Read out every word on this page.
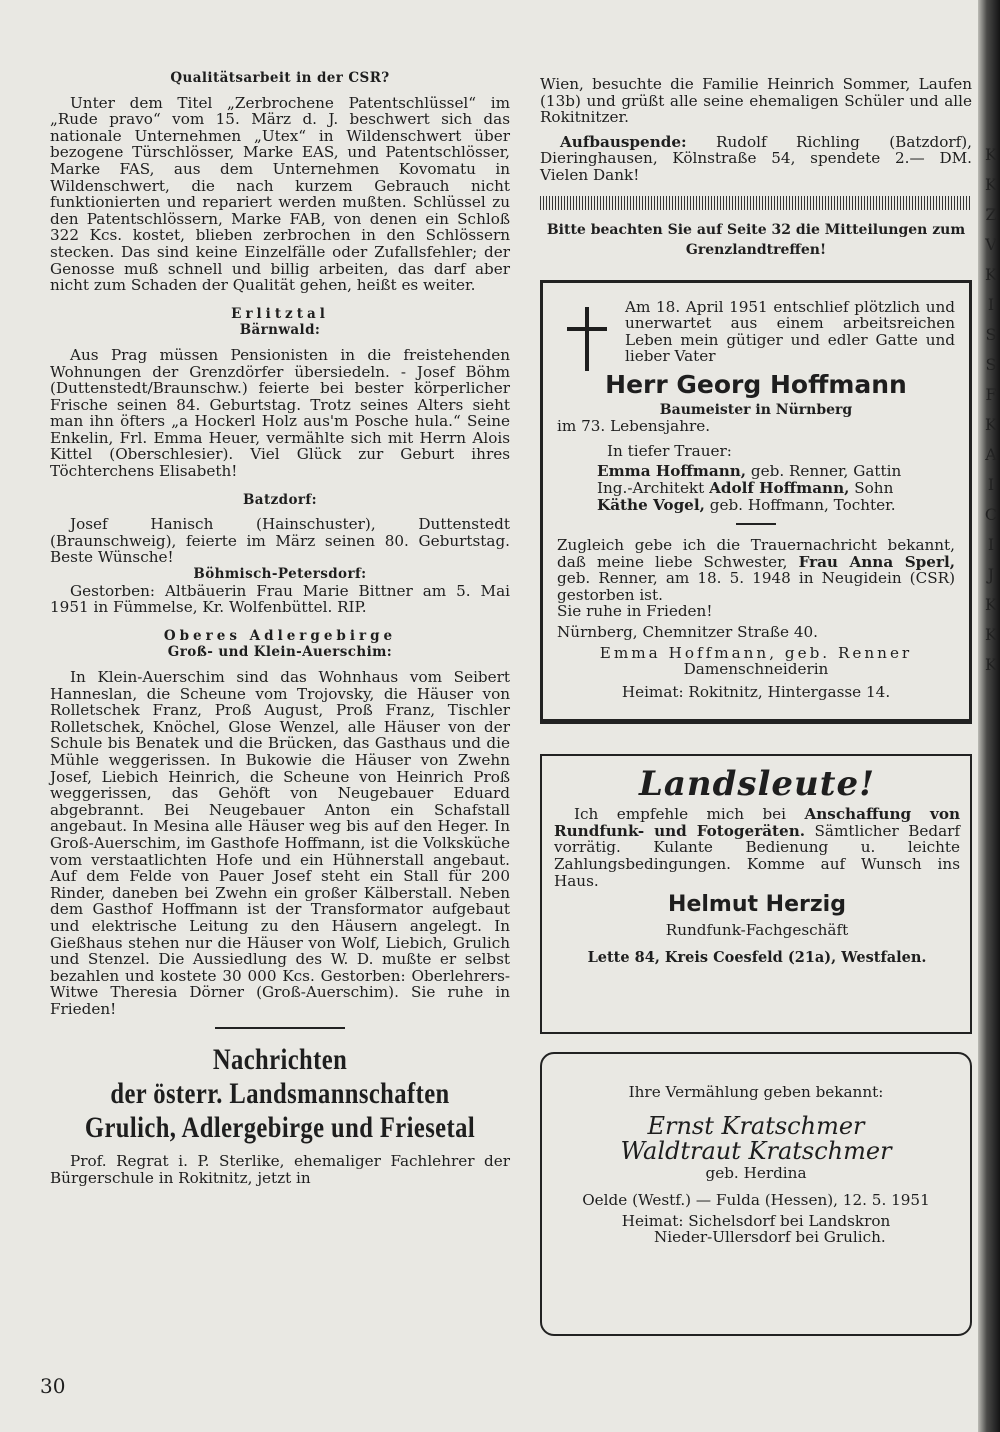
Qualitätsarbeit in der CSR?

Unter dem Titel „Zerbrochene Patentschlüssel“ im „Rude pravo“ vom 15. März d. J. beschwert sich das nationale Unternehmen „Utex“ in Wildenschwert über bezogene Türschlösser, Marke EAS, und Patentschlösser, Marke FAS, aus dem Unternehmen Kovomatu in Wildenschwert, die nach kurzem Gebrauch nicht funktionierten und repariert werden mußten. Schlüssel zu den Patentschlössern, Marke FAB, von denen ein Schloß 322 Kcs. kostet, blieben zerbrochen in den Schlössern stecken. Das sind keine Einzelfälle oder Zufallsfehler; der Genosse muß schnell und billig arbeiten, das darf aber nicht zum Schaden der Qualität gehen, heißt es weiter.

Erlitztal

Bärnwald:

Aus Prag müssen Pensionisten in die freistehenden Wohnungen der Grenzdörfer übersiedeln. - Josef Böhm (Duttenstedt/Braunschw.) feierte bei bester körperlicher Frische seinen 84. Geburtstag. Trotz seines Alters sieht man ihn öfters „a Hockerl Holz aus'm Posche hula.“ Seine Enkelin, Frl. Emma Heuer, vermählte sich mit Herrn Alois Kittel (Oberschlesier). Viel Glück zur Geburt ihres Töchterchens Elisabeth!

Batzdorf:

Josef Hanisch (Hainschuster), Duttenstedt (Braunschweig), feierte im März seinen 80. Geburtstag. Beste Wünsche!

Böhmisch-Petersdorf:

Gestorben: Altbäuerin Frau Marie Bittner am 5. Mai 1951 in Fümmelse, Kr. Wolfenbüttel. RIP.

Oberes Adlergebirge

Groß- und Klein-Auerschim:

In Klein-Auerschim sind das Wohnhaus vom Seibert Hanneslan, die Scheune vom Trojovsky, die Häuser von Rolletschek Franz, Proß August, Proß Franz, Tischler Rolletschek, Knöchel, Glose Wenzel, alle Häuser von der Schule bis Benatek und die Brücken, das Gasthaus und die Mühle weggerissen. In Bukowie die Häuser von Zwehn Josef, Liebich Heinrich, die Scheune von Heinrich Proß weggerissen, das Gehöft von Neugebauer Eduard abgebrannt. Bei Neugebauer Anton ein Schafstall angebaut. In Mesina alle Häuser weg bis auf den Heger. In Groß-Auerschim, im Gasthofe Hoffmann, ist die Volksküche vom verstaatlichten Hofe und ein Hühnerstall angebaut. Auf dem Felde von Pauer Josef steht ein Stall für 200 Rinder, daneben bei Zwehn ein großer Kälberstall. Neben dem Gasthof Hoffmann ist der Transformator aufgebaut und elektrische Leitung zu den Häusern angelegt. In Gießhaus stehen nur die Häuser von Wolf, Liebich, Grulich und Stenzel. Die Aussiedlung des W. D. mußte er selbst bezahlen und kostete 30 000 Kcs. Gestorben: Oberlehrers-Witwe Theresia Dörner (Groß-Auerschim). Sie ruhe in Frieden!

Nachrichten

der österr. Landsmannschaften

Grulich, Adlergebirge und Friesetal

Prof. Regrat i. P. Sterlike, ehemaliger Fachlehrer der Bürgerschule in Rokitnitz, jetzt in

Wien, besuchte die Familie Heinrich Sommer, Laufen (13b) und grüßt alle seine ehemaligen Schüler und alle Rokitnitzer.

Aufbauspende: Rudolf Richling (Batzdorf), Dieringhausen, Kölnstraße 54, spendete 2.— DM. Vielen Dank!

Bitte beachten Sie auf Seite 32 die Mitteilungen zum Grenzlandtreffen!

Am 18. April 1951 entschlief plötzlich und unerwartet aus einem arbeitsreichen Leben mein gütiger und edler Gatte und lieber Vater

Herr Georg Hoffmann

Baumeister in Nürnberg

im 73. Lebensjahre.

In tiefer Trauer:

Emma Hoffmann, geb. Renner, Gattin

Ing.-Architekt Adolf Hoffmann, Sohn

Käthe Vogel, geb. Hoffmann, Tochter.

Zugleich gebe ich die Trauernachricht bekannt, daß meine liebe Schwester, Frau Anna Sperl, geb. Renner, am 18. 5. 1948 in Neugidein (CSR) gestorben ist.

Sie ruhe in Frieden!

Nürnberg, Chemnitzer Straße 40.

Emma Hoffmann, geb. Renner

Damenschneiderin

Heimat: Rokitnitz, Hintergasse 14.

Landsleute!

Ich empfehle mich bei Anschaffung von Rundfunk- und Fotogeräten. Sämtlicher Bedarf vorrätig. Kulante Bedienung u. leichte Zahlungsbedingungen. Komme auf Wunsch ins Haus.

Helmut Herzig

Rundfunk-Fachgeschäft

Lette 84, Kreis Coesfeld (21a), Westfalen.

Ihre Vermählung geben bekannt:

Ernst Kratschmer

Waldtraut Kratschmer

geb. Herdina

Oelde (Westf.) — Fulda (Hessen), 12. 5. 1951

Heimat: Sichelsdorf bei Landskron

Nieder-Ullersdorf bei Grulich.

30
K
K
Z
V
K
I
S
S
F
K
A
I
C
I
J
K
K
K
